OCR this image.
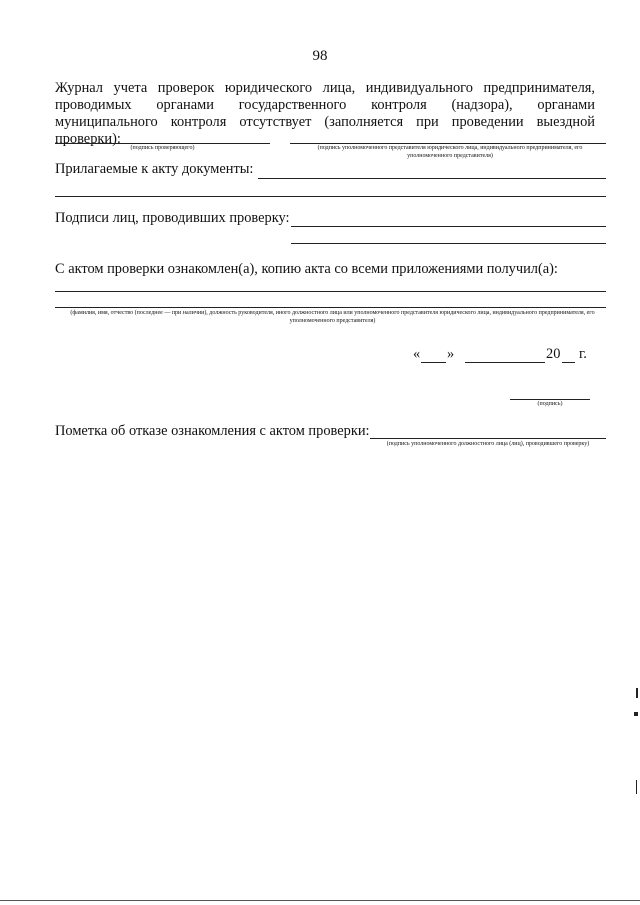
98
Журнал учета проверок юридического лица, индивидуального предпринимателя, проводимых органами государственного контроля (надзора), органами муниципального контроля отсутствует (заполняется при проведении выездной проверки):
(подпись проверяющего)	(подпись уполномоченного представителя юридического лица, индивидуального предпринимателя, его уполномоченного представителя)
Прилагаемые к акту документы:
Подписи лиц, проводивших проверку:
С актом проверки ознакомлен(а), копию акта со всеми приложениями получил(а):
(фамилия, имя, отчество (последнее — при наличии), должность руководителя, иного должностного лица или уполномоченного представителя юридического лица, индивидуального предпринимателя, его уполномоченного представителя)
« »	20 г.
(подпись)
Пометка об отказе ознакомления с актом проверки:
(подпись уполномоченного должностного лица (лиц), проводившего проверку)
